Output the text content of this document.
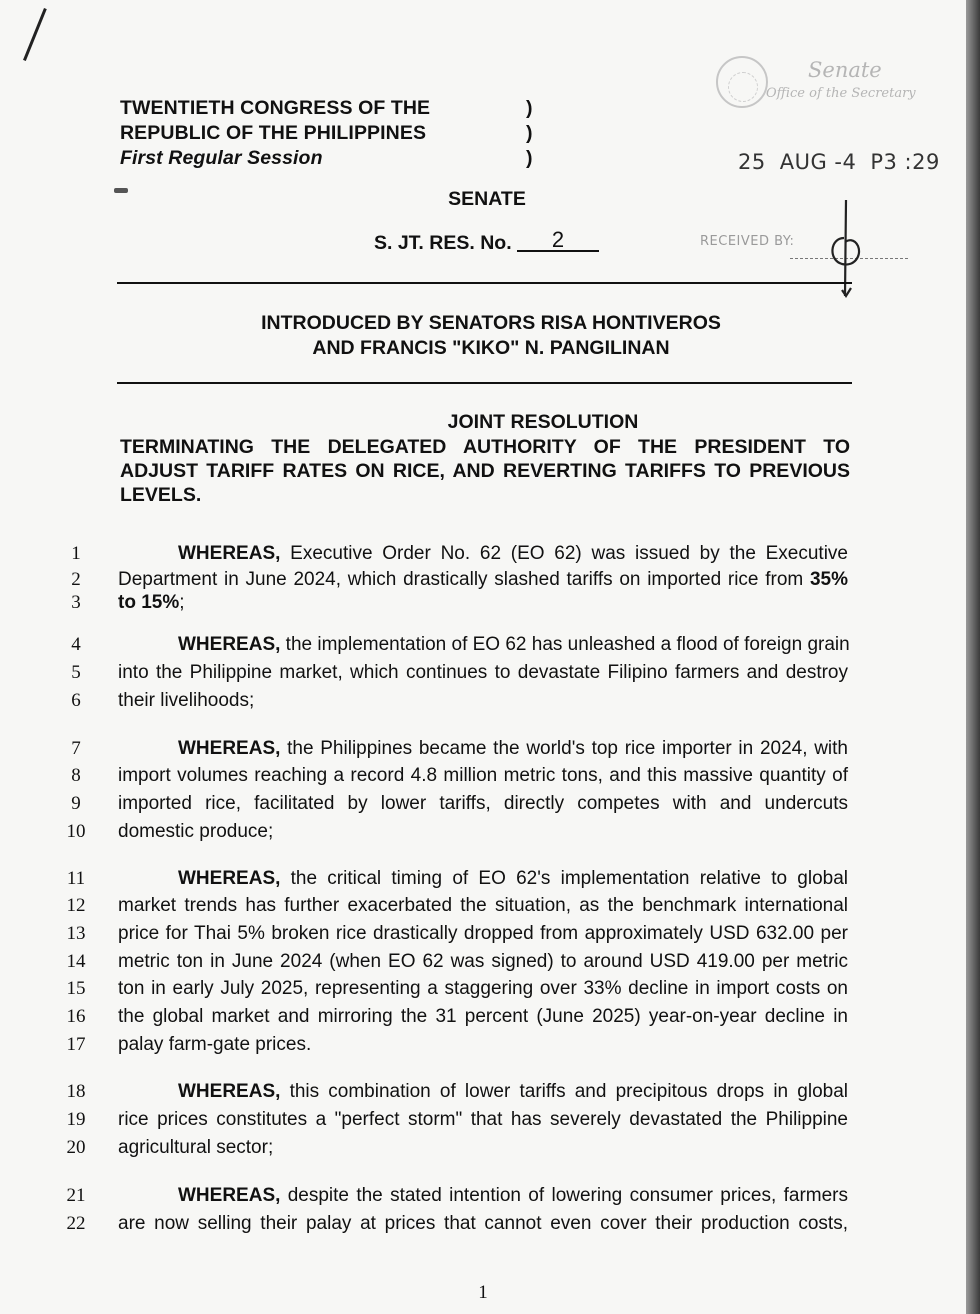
TWENTIETH CONGRESS OF THE
REPUBLIC OF THE PHILIPPINES
First Regular Session
)
)
)
Senate
Office of the Secretary
25 AUG -4 P3 :29
SENATE
S. JT. RES. No. 2	RECEIVED BY:
INTRODUCED BY SENATORS RISA HONTIVEROS
AND FRANCIS "KIKO" N. PANGILINAN
JOINT RESOLUTION
TERMINATING THE DELEGATED AUTHORITY OF THE PRESIDENT TO
ADJUST TARIFF RATES ON RICE, AND REVERTING TARIFFS TO PREVIOUS
LEVELS.
1	WHEREAS, Executive Order No. 62 (EO 62) was issued by the Executive
2	Department in June 2024, which drastically slashed tariffs on imported rice from 35%
3	to 15%;
4	WHEREAS, the implementation of EO 62 has unleashed a flood of foreign grain
5	into the Philippine market, which continues to devastate Filipino farmers and destroy
6	their livelihoods;
7	WHEREAS, the Philippines became the world's top rice importer in 2024, with
8	import volumes reaching a record 4.8 million metric tons, and this massive quantity of
9	imported rice, facilitated by lower tariffs, directly competes with and undercuts
10	domestic produce;
11	WHEREAS, the critical timing of EO 62's implementation relative to global
12	market trends has further exacerbated the situation, as the benchmark international
13	price for Thai 5% broken rice drastically dropped from approximately USD 632.00 per
14	metric ton in June 2024 (when EO 62 was signed) to around USD 419.00 per metric
15	ton in early July 2025, representing a staggering over 33% decline in import costs on
16	the global market and mirroring the 31 percent (June 2025) year-on-year decline in
17	palay farm-gate prices.
18	WHEREAS, this combination of lower tariffs and precipitous drops in global
19	rice prices constitutes a "perfect storm" that has severely devastated the Philippine
20	agricultural sector;
21	WHEREAS, despite the stated intention of lowering consumer prices, farmers
22	are now selling their palay at prices that cannot even cover their production costs,
1
